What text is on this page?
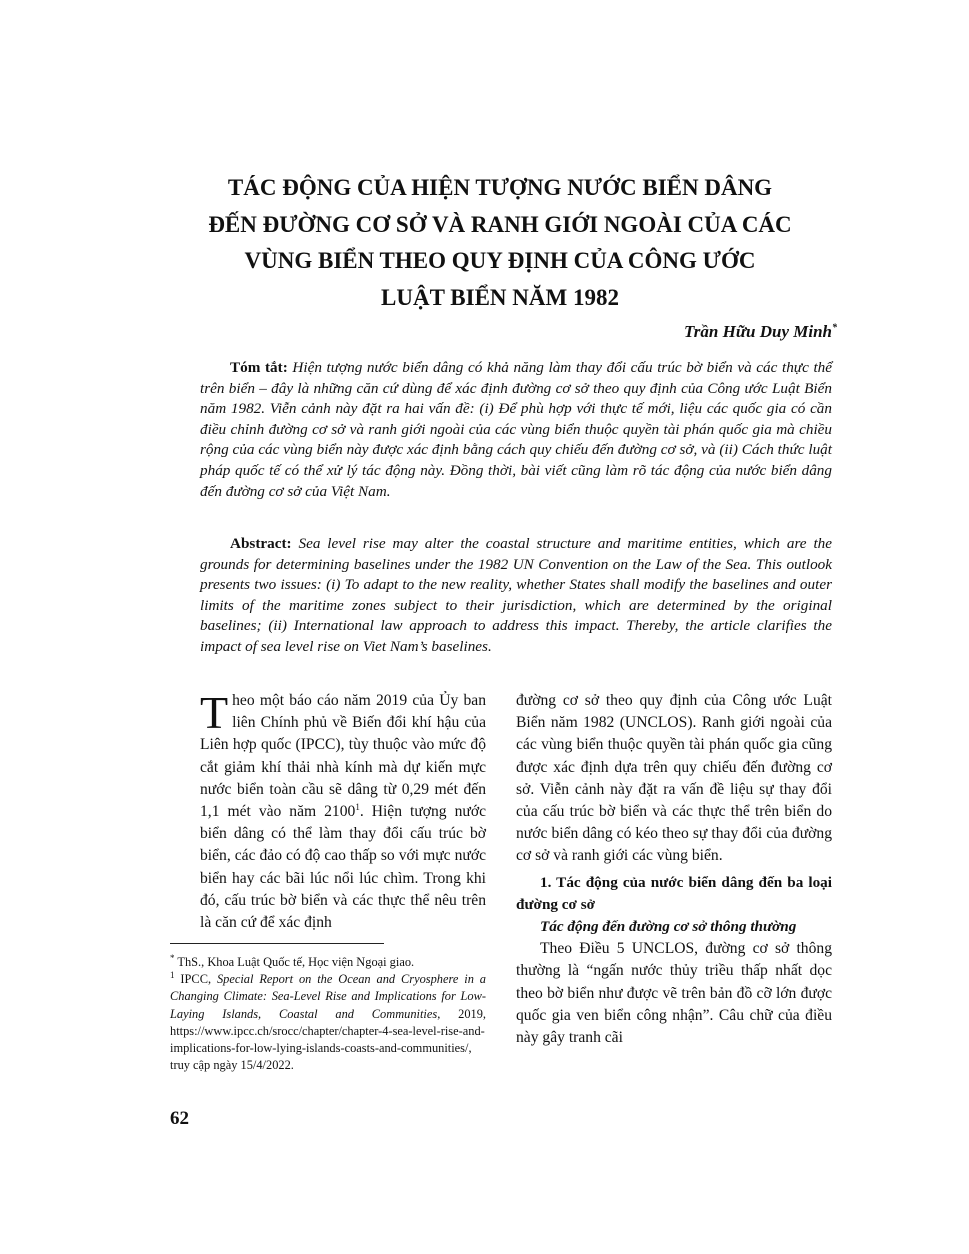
TÁC ĐỘNG CỦA HIỆN TƯỢNG NƯỚC BIỂN DÂNG
ĐẾN ĐƯỜNG CƠ SỞ VÀ RANH GIỚI NGOÀI CỦA CÁC
VÙNG BIỂN THEO QUY ĐỊNH CỦA CÔNG ƯỚC
LUẬT BIỂN NĂM 1982
Trần Hữu Duy Minh*
Tóm tắt: Hiện tượng nước biển dâng có khả năng làm thay đổi cấu trúc bờ biển và các thực thể trên biển – đây là những căn cứ dùng để xác định đường cơ sở theo quy định của Công ước Luật Biển năm 1982. Viễn cảnh này đặt ra hai vấn đề: (i) Để phù hợp với thực tế mới, liệu các quốc gia có cần điều chỉnh đường cơ sở và ranh giới ngoài của các vùng biển thuộc quyền tài phán quốc gia mà chiều rộng của các vùng biển này được xác định bằng cách quy chiếu đến đường cơ sở, và (ii) Cách thức luật pháp quốc tế có thể xử lý tác động này. Đồng thời, bài viết cũng làm rõ tác động của nước biển dâng đến đường cơ sở của Việt Nam.
Abstract: Sea level rise may alter the coastal structure and maritime entities, which are the grounds for determining baselines under the 1982 UN Convention on the Law of the Sea. This outlook presents two issues: (i) To adapt to the new reality, whether States shall modify the baselines and outer limits of the maritime zones subject to their jurisdiction, which are determined by the original baselines; (ii) International law approach to address this impact. Thereby, the article clarifies the impact of sea level rise on Viet Nam’s baselines.

Theo một báo cáo năm 2019 của Ủy ban liên Chính phủ về Biến đổi khí hậu của Liên hợp quốc (IPCC), tùy thuộc vào mức độ cắt giảm khí thải nhà kính mà dự kiến mực nước biển toàn cầu sẽ dâng từ 0,29 mét đến 1,1 mét vào năm 2100$^1$. Hiện tượng nước biển dâng có thể làm thay đổi cấu trúc bờ biển, các đảo có độ cao thấp so với mực nước biển hay các bãi lúc nổi lúc chìm. Trong khi đó, cấu trúc bờ biển và các thực thể nêu trên là căn cứ để xác định

đường cơ sở theo quy định của Công ước Luật Biển năm 1982 (UNCLOS). Ranh giới ngoài của các vùng biển thuộc quyền tài phán quốc gia cũng được xác định dựa trên quy chiếu đến đường cơ sở. Viễn cảnh này đặt ra vấn đề liệu sự thay đổi của cấu trúc bờ biển và các thực thể trên biển do nước biển dâng có kéo theo sự thay đổi của đường cơ sở và ranh giới các vùng biển.

1. Tác động của nước biển dâng đến ba loại đường cơ sở

Tác động đến đường cơ sở thông thường

Theo Điều 5 UNCLOS, đường cơ sở thông thường là “ngấn nước thủy triều thấp nhất dọc theo bờ biển như được vẽ trên bản đồ cỡ lớn được quốc gia ven biển công nhận”. Câu chữ của điều này gây tranh cãi

* ThS., Khoa Luật Quốc tế, Học viện Ngoại giao.

$^1$ IPCC, Special Report on the Ocean and Cryosphere in a Changing Climate: Sea-Level Rise and Implications for Low-Laying Islands, Coastal and Communities, 2019, https://www.ipcc.ch/srocc/chapter/chapter-4-sea-level-rise-and-implications-for-low-lying-islands-coasts-and-communities/, truy cập ngày 15/4/2022.

62
